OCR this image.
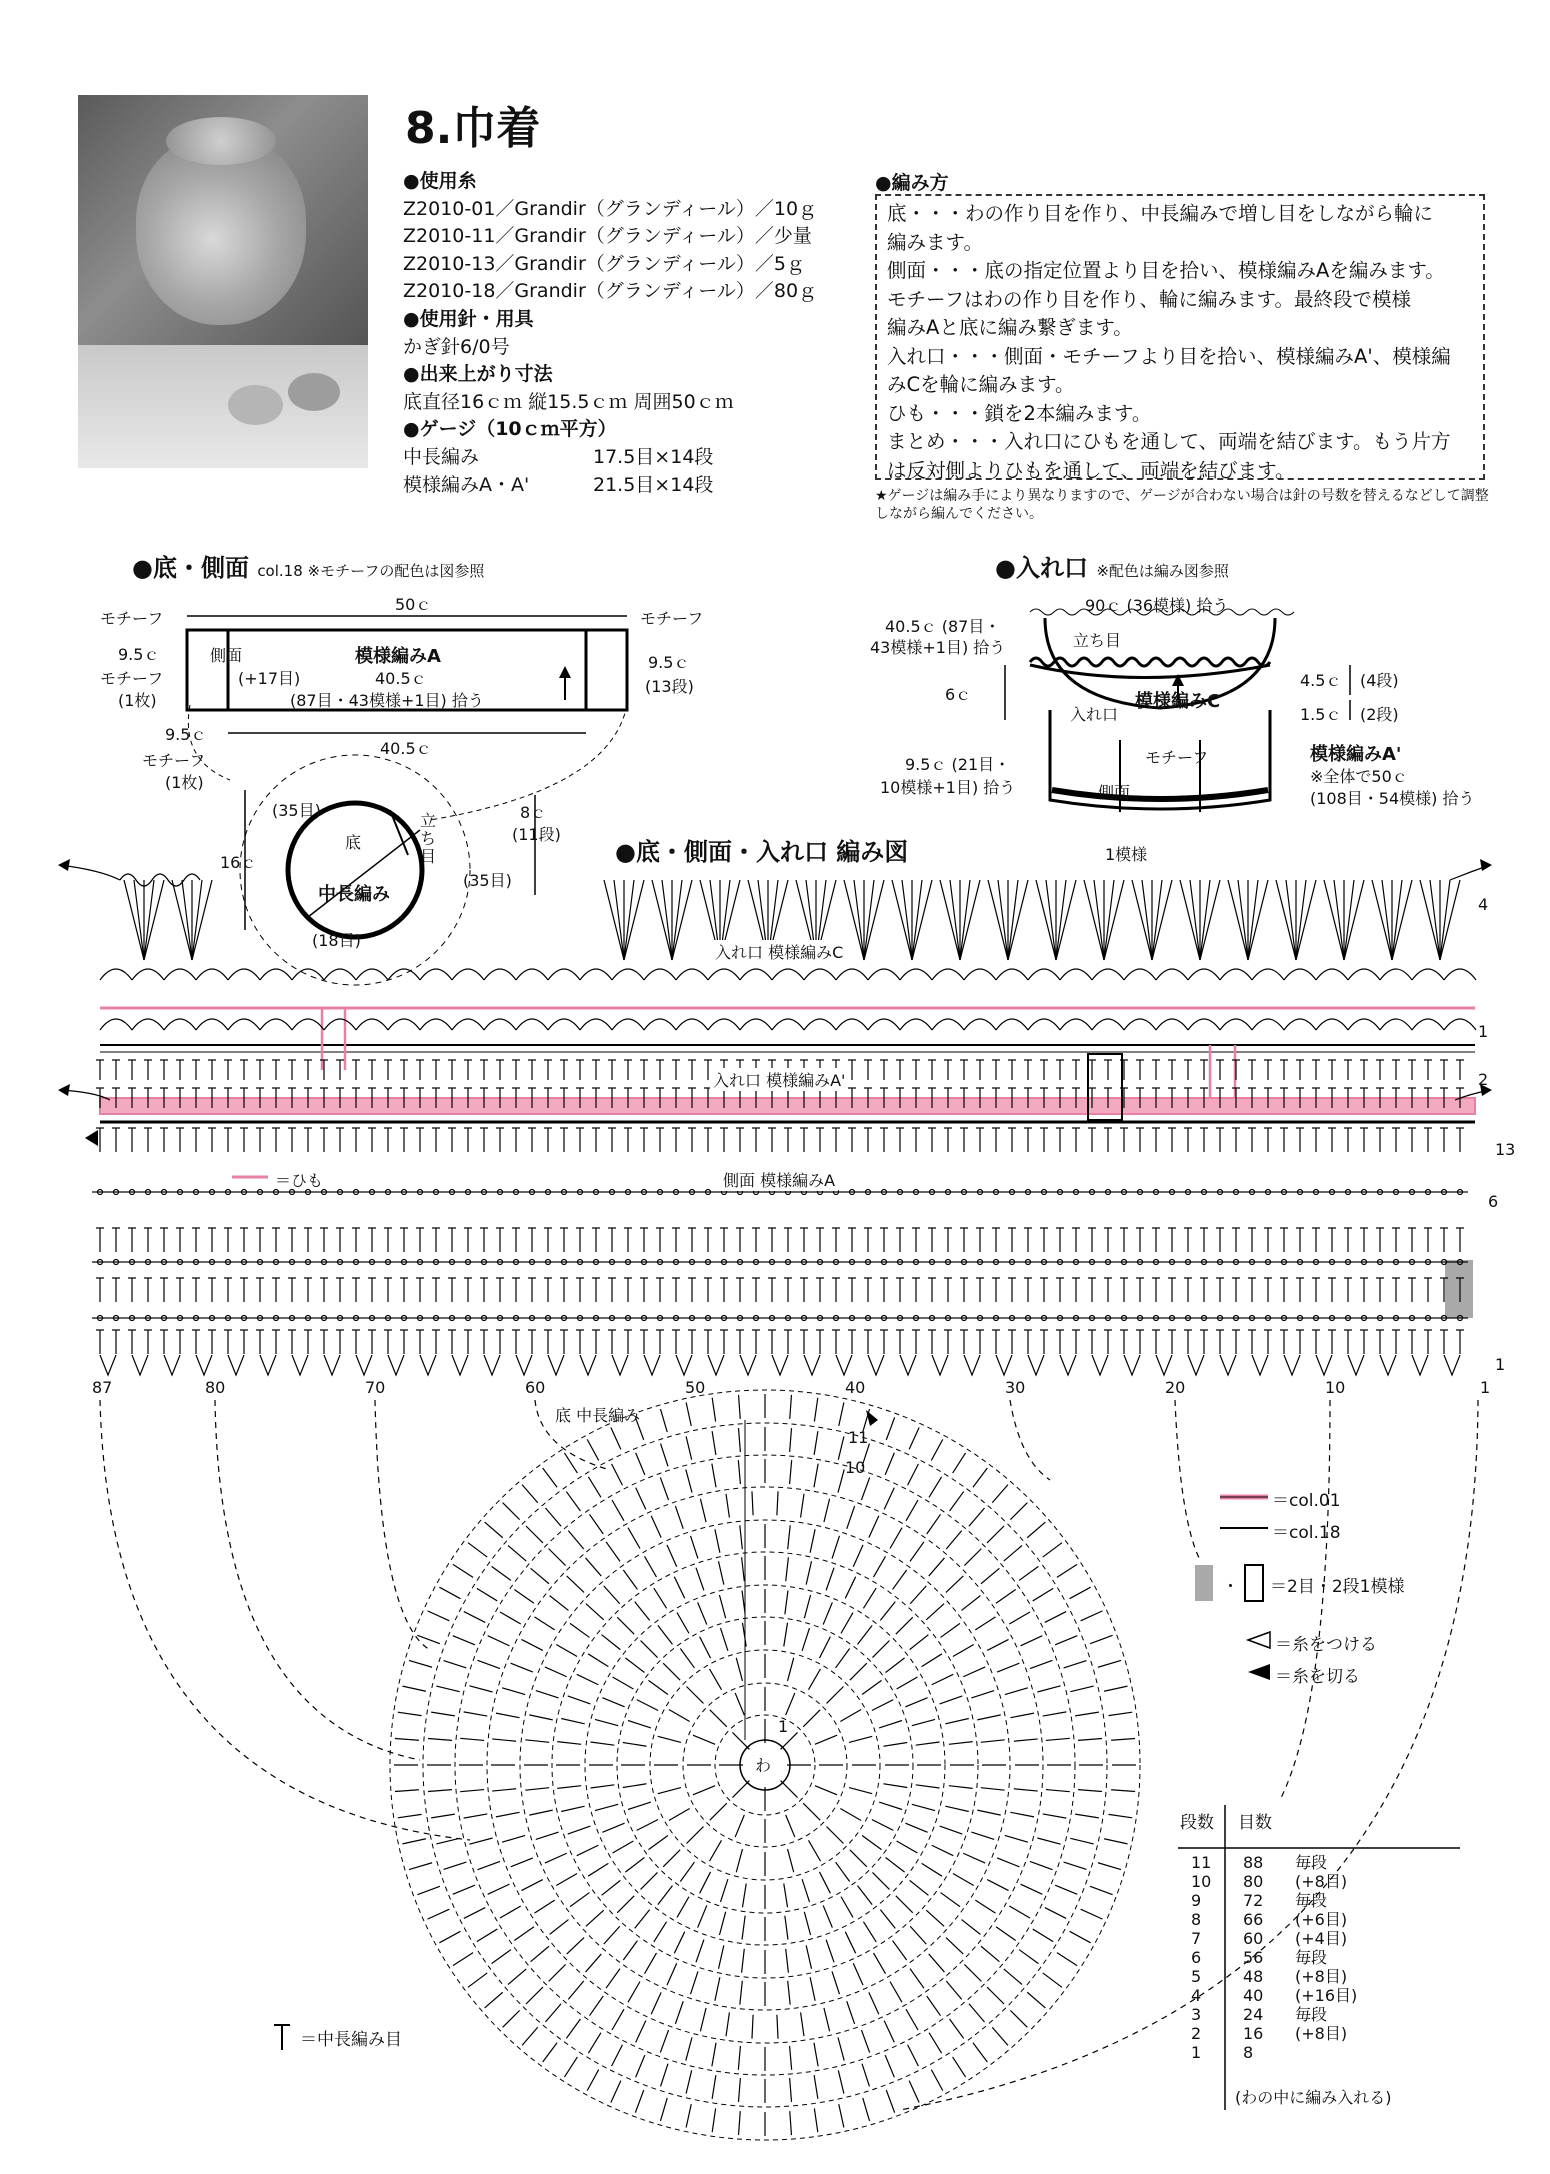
8.巾着
●使用糸
Z2010-01／Grandir（グランディール）／10ｇ
Z2010-11／Grandir（グランディール）／少量
Z2010-13／Grandir（グランディール）／5ｇ
Z2010-18／Grandir（グランディール）／80ｇ
●使用針・用具
かぎ針6/0号
●出来上がり寸法
底直径16ｃｍ 縦15.5ｃｍ 周囲50ｃｍ
●ゲージ（10ｃｍ平方）
中長編み	17.5目×14段
模様編みA・A'	21.5目×14段
●編み方
底・・・わの作り目を作り、中長編みで増し目をしながら輪に
編みます。
側面・・・底の指定位置より目を拾い、模様編みAを編みます。
モチーフはわの作り目を作り、輪に編みます。最終段で模様
編みAと底に編み繋ぎます。
入れ口・・・側面・モチーフより目を拾い、模様編みA'、模様編
みCを輪に編みます。
ひも・・・鎖を2本編みます。
まとめ・・・入れ口にひもを通して、両端を結びます。もう片方
は反対側よりひもを通して、両端を結びます。
★ゲージは編み手により異なりますので、ゲージが合わない場合は針の号数を替えるなどして調整しながら編んでください。
●底・側面 col.18 ※モチーフの配色は図参照
50ｃ
モチーフ	モチーフ
側面	模様編みA
(+17目)	40.5ｃ
(87目・43模様+1目) 拾う
9.5ｃ
モチーフ
(1枚)
9.5ｃ
(13段)
9.5ｃ
40.5ｃ
モチーフ
(1枚)
16ｃ
(35目)
(35目)
(18目)
底
立ち目
中長編み
8ｃ
(11段)
●入れ口 ※配色は編み図参照
90ｃ (36模様) 拾う
40.5ｃ (87目・
43模様+1目) 拾う	立ち目
6ｃ
入れ口
模様編みC
4.5ｃ (4段)
1.5ｃ (2段)
模様編みA'
※全体で50ｃ
(108目・54模様) 拾う
9.5ｃ (21目・
10模様+1目) 拾う
モチーフ
側面
●底・側面・入れ口 編み図	1模様
入れ口 模様編みC
入れ口 模様編みA'
＝ひも	側面 模様編みA
底 中長編み
わ
87	80	70	60	50	40	30	20	10	1
4
1
2
13
6
1
11
10
1
＝col.01
＝col.18
・ ＝2目・2段1模様
＝糸をつける
＝糸を切る
＝中長編み目
段数 目数
11	88	毎段
10	80	(+8目)
9	72	毎段
8	66	(+6目)
7	60	(+4目)
6	56	毎段
5	48	(+8目)
4	40	(+16目)
3	24	毎段
2	16	(+8目)
1	8	
(わの中に編み入れる)
